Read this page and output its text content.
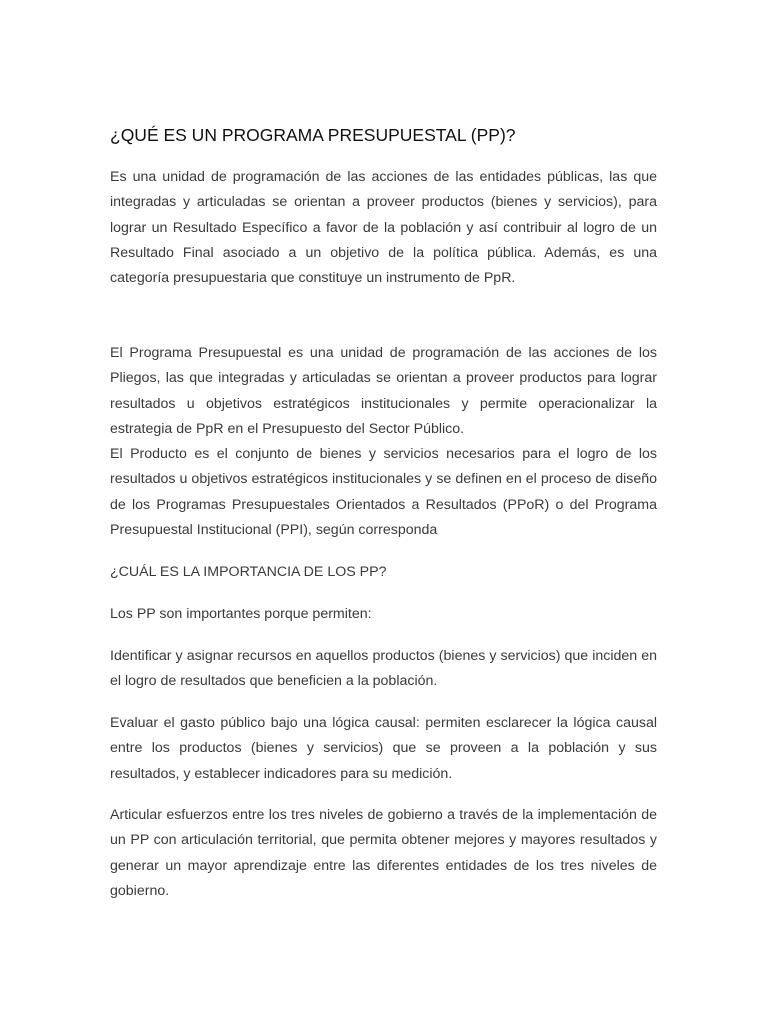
¿QUÉ ES UN PROGRAMA PRESUPUESTAL (PP)?

Es una unidad de programación de las acciones de las entidades públicas, las que integradas y articuladas se orientan a proveer productos (bienes y servicios), para lograr un Resultado Específico a favor de la población y así contribuir al logro de un Resultado Final asociado a un objetivo de la política pública. Además, es una categoría presupuestaria que constituye un instrumento de PpR.

El Programa Presupuestal es una unidad de programación de las acciones de los Pliegos, las que integradas y articuladas se orientan a proveer productos para lograr resultados u objetivos estratégicos institucionales y permite operacionalizar la estrategia de PpR en el Presupuesto del Sector Público.

El Producto es el conjunto de bienes y servicios necesarios para el logro de los resultados u objetivos estratégicos institucionales y se definen en el proceso de diseño de los Programas Presupuestales Orientados a Resultados (PPoR) o del Programa Presupuestal Institucional (PPI), según corresponda

¿CUÁL ES LA IMPORTANCIA DE LOS PP?

Los PP son importantes porque permiten:

Identificar y asignar recursos en aquellos productos (bienes y servicios) que inciden en el logro de resultados que beneficien a la población.

Evaluar el gasto público bajo una lógica causal: permiten esclarecer la lógica causal entre los productos (bienes y servicios) que se proveen a la población y sus resultados, y establecer indicadores para su medición.

Articular esfuerzos entre los tres niveles de gobierno a través de la implementación de un PP con articulación territorial, que permita obtener mejores y mayores resultados y generar un mayor aprendizaje entre las diferentes entidades de los tres niveles de gobierno.
